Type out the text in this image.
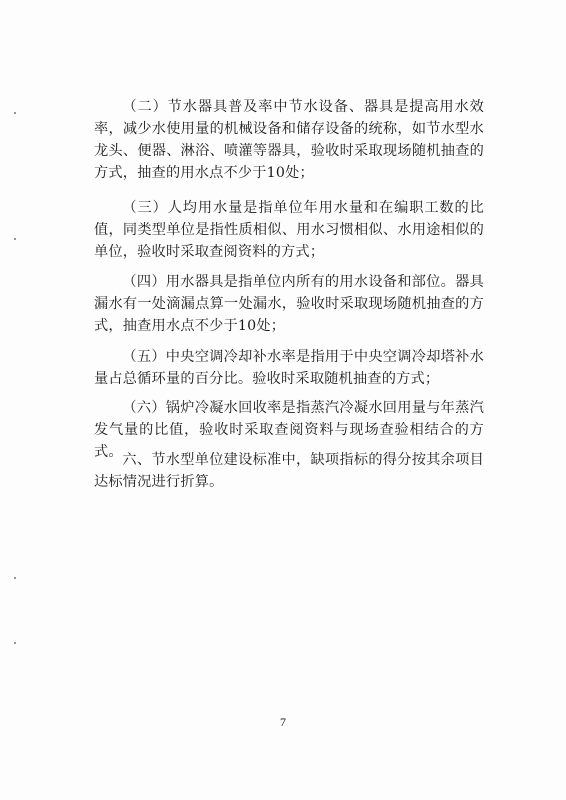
（二）节水器具普及率中节水设备、器具是提高用水效率，减少水使用量的机械设备和储存设备的统称，如节水型水龙头、便器、淋浴、喷灌等器具，验收时采取现场随机抽查的方式，抽查的用水点不少于10处；

（三）人均用水量是指单位年用水量和在编职工数的比值，同类型单位是指性质相似、用水习惯相似、水用途相似的单位，验收时采取查阅资料的方式；

（四）用水器具是指单位内所有的用水设备和部位。器具漏水有一处滴漏点算一处漏水，验收时采取现场随机抽查的方式，抽查用水点不少于10处；

（五）中央空调冷却补水率是指用于中央空调冷却塔补水量占总循环量的百分比。验收时采取随机抽查的方式；

（六）锅炉冷凝水回收率是指蒸汽冷凝水回用量与年蒸汽发气量的比值，验收时采取查阅资料与现场查验相结合的方式。 六、节水型单位建设标准中，缺项指标的得分按其余项目达标情况进行折算。

7
